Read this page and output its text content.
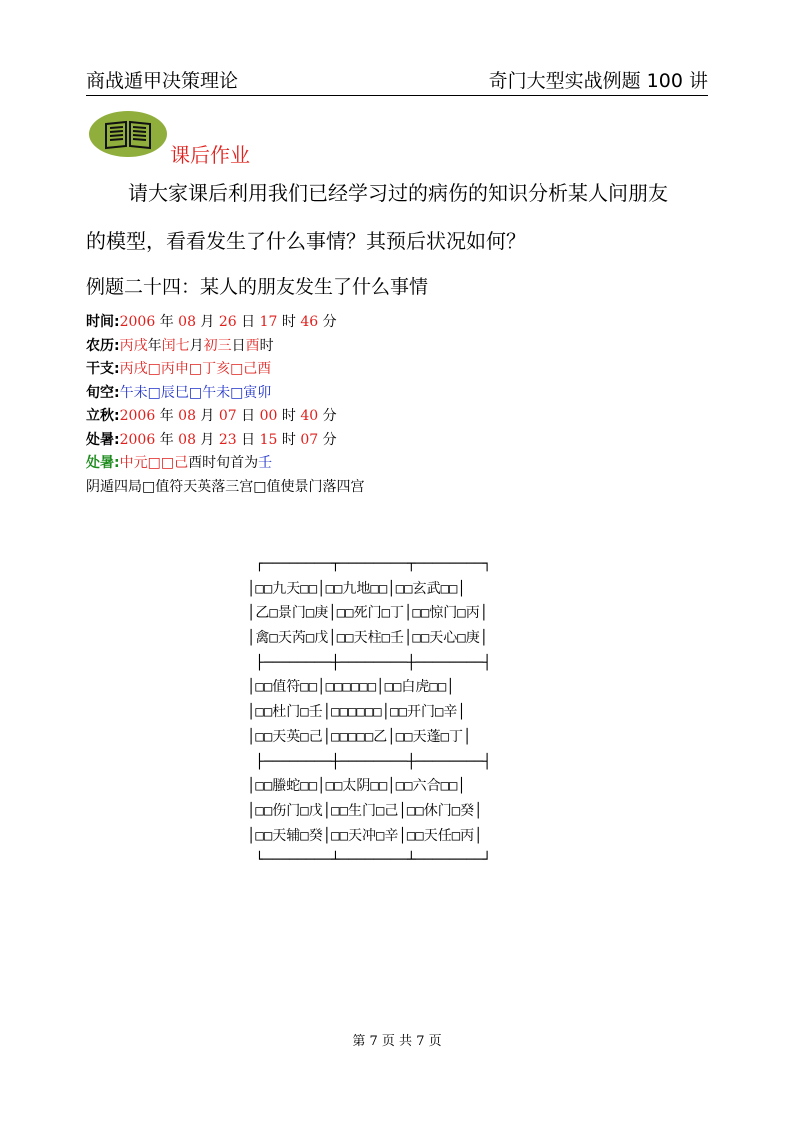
商战遁甲决策理论	奇门大型实战例题 100 讲
课后作业
请大家课后利用我们已经学习过的病伤的知识分析某人问朋友
的模型，看看发生了什么事情？其预后状况如何？
例题二十四：某人的朋友发生了什么事情
时间:2006 年 08 月 26 日 17 时 46 分
农历:丙戌年闰七月初三日酉时
干支:丙戌□丙申□丁亥□己酉
旬空:午未□辰巳□午未□寅卯
立秋:2006 年 08 月 07 日 00 时 40 分
处暑:2006 年 08 月 23 日 15 时 07 分
处暑:中元□□己酉时旬首为壬
阴遁四局□值符天英落三宫□值使景门落四宫
┌────────┬────────┬────────┐
│□□九天□□│□□九地□□│□□玄武□□│
│乙□景门□庚│□□死门□丁│□□惊门□丙│
│禽□天芮□戊│□□天柱□壬│□□天心□庚│
├────────┼────────┼────────┤
│□□值符□□│□□□□□□│□□白虎□□│
│□□杜门□壬│□□□□□□│□□开门□辛│
│□□天英□己│□□□□□乙│□□天蓬□丁│
├────────┼────────┼────────┤
│□□螣蛇□□│□□太阴□□│□□六合□□│
│□□伤门□戊│□□生门□己│□□休门□癸│
│□□天辅□癸│□□天冲□辛│□□天任□丙│
└────────┴────────┴────────┘
第 7 页 共 7 页
